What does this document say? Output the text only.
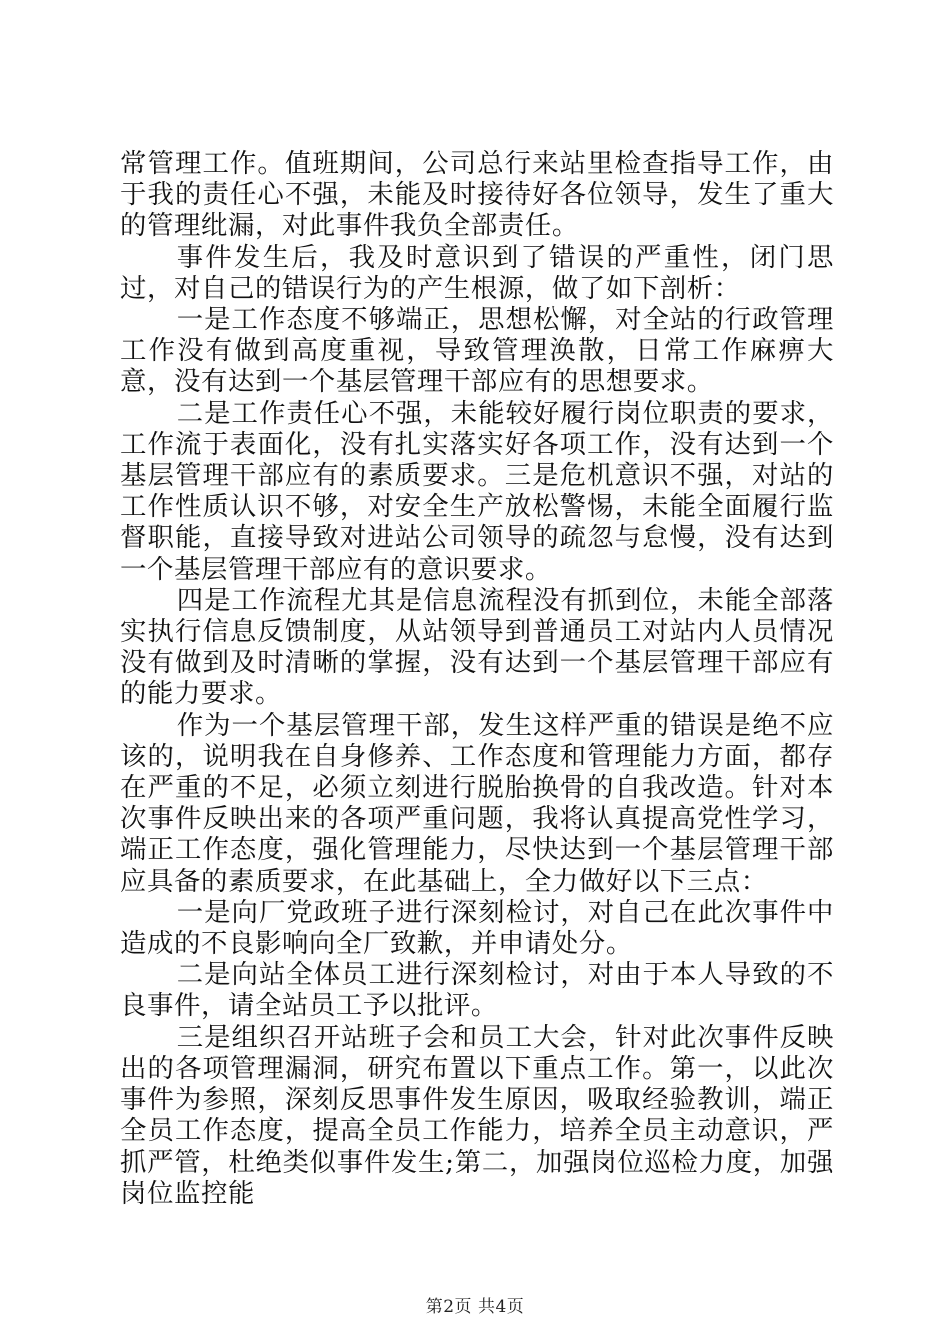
常管理工作。值班期间，公司总行来站里检查指导工作，由于我的责任心不强，未能及时接待好各位领导，发生了重大的管理纰漏，对此事件我负全部责任。

事件发生后，我及时意识到了错误的严重性，闭门思过，对自己的错误行为的产生根源，做了如下剖析：

一是工作态度不够端正，思想松懈，对全站的行政管理工作没有做到高度重视，导致管理涣散，日常工作麻痹大意，没有达到一个基层管理干部应有的思想要求。

二是工作责任心不强，未能较好履行岗位职责的要求，工作流于表面化，没有扎实落实好各项工作，没有达到一个基层管理干部应有的素质要求。三是危机意识不强，对站的工作性质认识不够，对安全生产放松警惕，未能全面履行监督职能，直接导致对进站公司领导的疏忽与怠慢，没有达到一个基层管理干部应有的意识要求。

四是工作流程尤其是信息流程没有抓到位，未能全部落实执行信息反馈制度，从站领导到普通员工对站内人员情况没有做到及时清晰的掌握，没有达到一个基层管理干部应有的能力要求。

作为一个基层管理干部，发生这样严重的错误是绝不应该的，说明我在自身修养、工作态度和管理能力方面，都存在严重的不足，必须立刻进行脱胎换骨的自我改造。针对本次事件反映出来的各项严重问题，我将认真提高党性学习，端正工作态度，强化管理能力，尽快达到一个基层管理干部应具备的素质要求，在此基础上，全力做好以下三点：

一是向厂党政班子进行深刻检讨，对自己在此次事件中造成的不良影响向全厂致歉，并申请处分。

二是向站全体员工进行深刻检讨，对由于本人导致的不良事件，请全站员工予以批评。

三是组织召开站班子会和员工大会，针对此次事件反映出的各项管理漏洞，研究布置以下重点工作。第一，以此次事件为参照，深刻反思事件发生原因，吸取经验教训，端正全员工作态度，提高全员工作能力，培养全员主动意识，严抓严管，杜绝类似事件发生;第二，加强岗位巡检力度，加强岗位监控能

第2页 共4页
